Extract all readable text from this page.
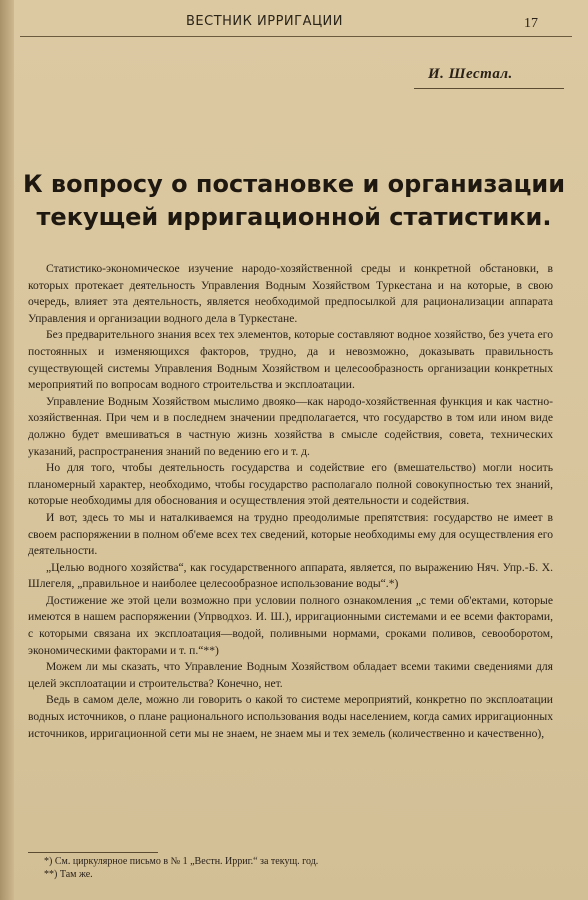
ВЕСТНИК ИРРИГАЦИИ	17
И. Шестал.
К вопросу о постановке и организации
текущей ирригационной статистики.

Статистико-экономическое изучение народо-хозяйственной среды и конкретной обстановки, в которых протекает деятельность Управления Водным Хозяйством Туркестана и на которые, в свою очередь, влияет эта деятельность, является необходимой предпосылкой для рационализации аппарата Управления и организации водного дела в Туркестане.

Без предварительного знания всех тех элементов, которые составляют водное хозяйство, без учета его постоянных и изменяющихся факторов, трудно, да и невозможно, доказывать правильность существующей системы Управления Водным Хозяйством и целесообразность организации конкретных мероприятий по вопросам водного строительства и эксплоатации.

Управление Водным Хозяйством мыслимо двояко—как народо-хозяйственная функция и как частно-хозяйственная. При чем и в последнем значении предполагается, что государство в том или ином виде должно будет вмешиваться в частную жизнь хозяйства в смысле содействия, совета, технических указаний, распространения знаний по ведению его и т. д.

Но для того, чтобы деятельность государства и содействие его (вмешательство) могли носить планомерный характер, необходимо, чтобы государство располагало полной совокупностью тех знаний, которые необходимы для обоснования и осуществления этой деятельности и содействия.

И вот, здесь то мы и наталкиваемся на трудно преодолимые препятствия: государство не имеет в своем распоряжении в полном об'еме всех тех сведений, которые необходимы ему для осуществления его деятельности.

„Целью водного хозяйства“, как государственного аппарата, является, по выражению Няч. Упр.-Б. Х. Шлегеля, „правильное и наиболее целесообразное использование воды“.*)

Достижение же этой цели возможно при условии полного ознакомления „с теми об'ектами, которые имеются в нашем распоряжении (Упрводхоз. И. Ш.), ирригационными системами и ее всеми факторами, с которыми связана их эксплоатация—водой, поливными нормами, сроками поливов, севооборотом, экономическими факторами и т. п.“**)

Можем ли мы сказать, что Управление Водным Хозяйством обладает всеми такими сведениями для целей эксплоатации и строительства? Конечно, нет.

Ведь в самом деле, можно ли говорить о какой то системе мероприятий, конкретно по эксплоатации водных источников, о плане рационального использования воды населением, когда самих ирригационных источников, ирригационной сети мы не знаем, не знаем мы и тех земель (количественно и качественно),

*) См. циркулярное письмо в № 1 „Вестн. Ирриг.“ за текущ. год.
**) Там же.
